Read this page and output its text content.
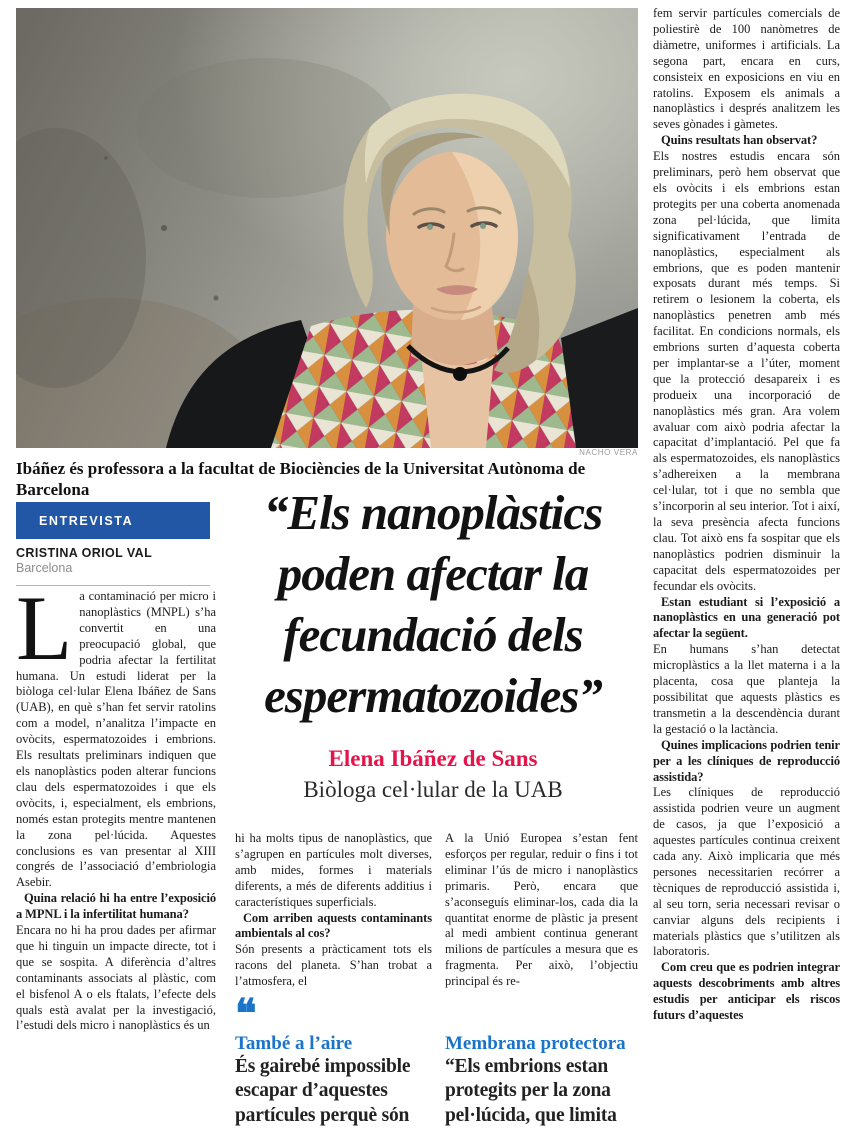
NACHO VERA
Ibáñez és professora a la facultat de Biociències de la Universitat Autònoma de Barcelona
ENTREVISTA
CRISTINA ORIOL VAL
Barcelona
“Els nanoplàstics poden afectar la fecundació dels espermatozoides”
Elena Ibáñez de Sans
Biòloga cel·lular de la UAB

La contaminació per micro i nanoplàstics (MNPL) s’ha convertit en una preocupació global, que podria afectar la fertilitat humana. Un estudi liderat per la biòloga cel·lular Elena Ibáñez de Sans (UAB), en què s’han fet servir ratolins com a model, n’analitza l’impacte en ovòcits, espermatozoides i embrions. Els resultats preliminars indiquen que els nanoplàstics poden alterar funcions clau dels espermatozoides i que els ovòcits, i, especialment, els embrions, només estan protegits mentre mantenen la zona pel·lúcida. Aquestes conclusions es van presentar al XIII congrés de l’associació d’embriologia Asebir.

Quina relació hi ha entre l’exposició a MPNL i la infertilitat humana?

Encara no hi ha prou dades per afirmar que hi tinguin un impacte directe, tot i que se sospita. A diferència d’altres contaminants associats al plàstic, com el bisfenol A o els ftalats, l’efecte dels quals està avalat per la investigació, l’estudi dels micro i nanoplàstics és un

hi ha molts tipus de nanoplàstics, que s’agrupen en partícules molt diverses, amb mides, formes i materials diferents, a més de diferents additius i característiques superficials.

Com arriben aquests contaminants ambientals al cos?

Són presents a pràcticament tots els racons del planeta. S’han trobat a l’atmosfera, el

❝
També a l’aire
És gairebé impossible escapar d’aquestes partícules perquè són

A la Unió Europea s’estan fent esforços per regular, reduir o fins i tot eliminar l’ús de micro i nanoplàstics primaris. Però, encara que s’aconseguís eliminar-los, cada dia la quantitat enorme de plàstic ja present al medi ambient continua generant milions de partícules a mesura que es fragmenta. Per això, l’objectiu principal és re-

Membrana protectora
“Els embrions estan protegits per la zona pel·lúcida, que limita

fem servir partícules comercials de poliestirè de 100 nanòmetres de diàmetre, uniformes i artificials. La segona part, encara en curs, consisteix en exposicions en viu en ratolins. Exposem els animals a nanoplàstics i després analitzem les seves gònades i gàmetes.

Quins resultats han observat?

Els nostres estudis encara són preliminars, però hem observat que els ovòcits i els embrions estan protegits per una coberta anomenada zona pel·lúcida, que limita significativament l’entrada de nanoplàstics, especialment als embrions, que es poden mantenir exposats durant més temps. Si retirem o lesionem la coberta, els nanoplàstics penetren amb més facilitat. En condicions normals, els embrions surten d’aquesta coberta per implantar-se a l’úter, moment que la protecció desapareix i es produeix una incorporació de nanoplàstics més gran. Ara volem avaluar com això podria afectar la capacitat d’implantació. Pel que fa als espermatozoides, els nanoplàstics s’adhereixen a la membrana cel·lular, tot i que no sembla que s’incorporin al seu interior. Tot i així, la seva presència afecta funcions clau. Tot això ens fa sospitar que els nanoplàstics podrien disminuir la capacitat dels espermatozoides per fecundar els ovòcits.

Estan estudiant si l’exposició a nanoplàstics en una generació pot afectar la següent.

En humans s’han detectat microplàstics a la llet materna i a la placenta, cosa que planteja la possibilitat que aquests plàstics es transmetin a la descendència durant la gestació o la lactància.

Quines implicacions podrien tenir per a les clíniques de reproducció assistida?

Les clíniques de reproducció assistida podrien veure un augment de casos, ja que l’exposició a aquestes partícules continua creixent cada any. Això implicaria que més persones necessitarien recórrer a tècniques de reproducció assistida i, al seu torn, seria necessari revisar o canviar alguns dels recipients i materials plàstics que s’utilitzen als laboratoris.

Com creu que es podrien integrar aquests descobriments amb altres estudis per anticipar els riscos futurs d’aquestes
